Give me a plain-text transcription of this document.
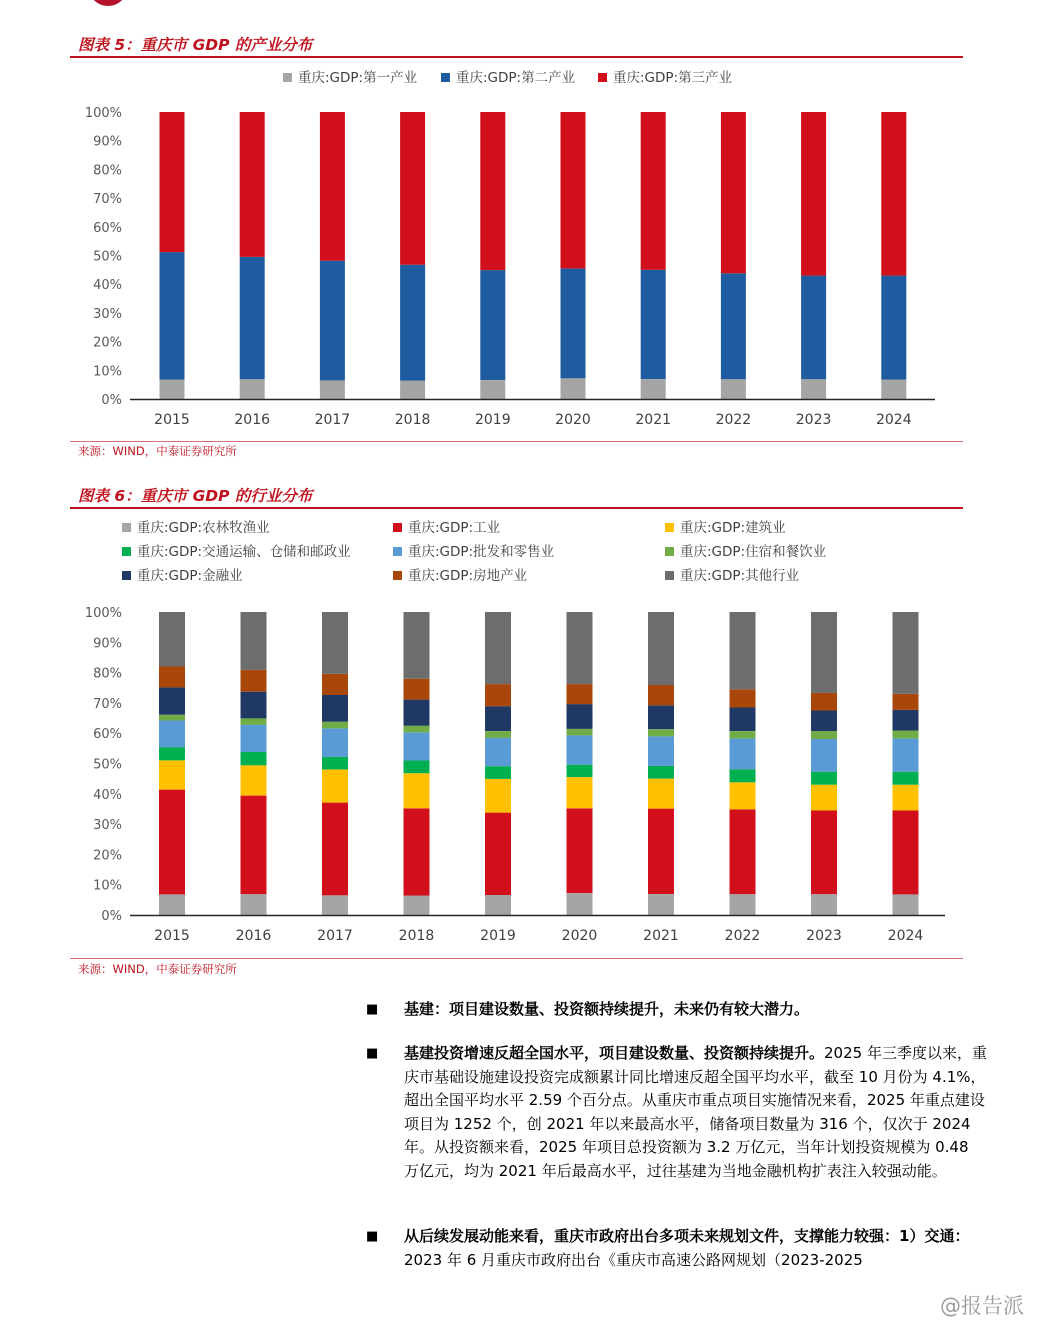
图表 5：重庆市 GDP 的产业分布
0%
10%
20%
30%
40%
50%
60%
70%
80%
90%
100%
重庆:GDP:第一产业	重庆:GDP:第二产业	重庆:GDP:第三产业
2015	2016	2017	2018	2019	2020	2021	2022	2023	2024
来源：WIND，中泰证券研究所
图表 6：重庆市 GDP 的行业分布
0%
10%
20%
30%
40%
50%
60%
70%
80%
90%
100%
重庆:GDP:农林牧渔业	重庆:GDP:工业	重庆:GDP:建筑业
重庆:GDP:交通运输、仓储和邮政业	重庆:GDP:批发和零售业	重庆:GDP:住宿和餐饮业
重庆:GDP:金融业	重庆:GDP:房地产业	重庆:GDP:其他行业
2015	2016	2017	2018	2019	2020	2021	2022	2023	2024
来源：WIND，中泰证券研究所
■ 基建：项目建设数量、投资额持续提升，未来仍有较大潜力。
■ 基建投资增速反超全国水平，项目建设数量、投资额持续提升。2025 年三季度以来，重庆市基础设施建设投资完成额累计同比增速反超全国平均水平，截至 10 月份为 4.1%，超出全国平均水平 2.59 个百分点。从重庆市重点项目实施情况来看，2025 年重点建设项目为 1252 个，创 2021 年以来最高水平，储备项目数量为 316 个，仅次于 2024 年。从投资额来看，2025 年项目总投资额为 3.2 万亿元，当年计划投资规模为 0.48 万亿元，均为 2021 年后最高水平，过往基建为当地金融机构扩表注入较强动能。
■ 从后续发展动能来看，重庆市政府出台多项未来规划文件，支撑能力较强：1）交通：2023 年 6 月重庆市政府出台《重庆市高速公路网规划（2023-2025
@报告派
